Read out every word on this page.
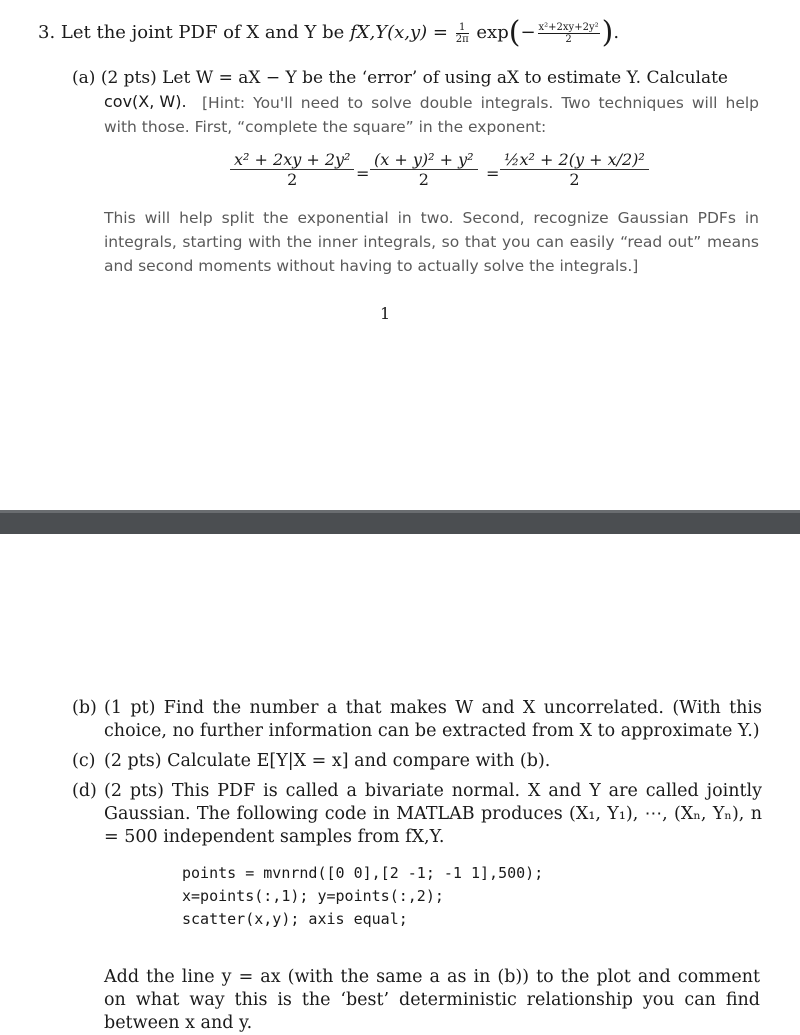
3. Let the joint PDF of X and Y be $fX,Y(x,y) = \frac{1}{2\pi} \exp(- \frac{\text{x²+2xy+2y²}}{2}$ ).
(a) (2 pts) Let W = aX − Y be the ‘error’ of using aX to estimate Y. Calculate
cov(X, W). [Hint: You'll need to solve double integrals. Two techniques will help with those. First, “complete the square” in the exponent:
x² + 2xy + 2y²
2	=
(x + y)² + y²
2	=
½x² + 2(y + x/2)²
2
This will help split the exponential in two. Second, recognize Gaussian PDFs in integrals, starting with the inner integrals, so that you can easily “read out” means and second moments without having to actually solve the integrals.]
1
(b) (1 pt) Find the number a that makes W and X uncorrelated. (With this choice, no further information can be extracted from X to approximate Y.)
(c) (2 pts) Calculate E[Y|X = x] and compare with (b).
(d) (2 pts) This PDF is called a bivariate normal. X and Y are called jointly Gaussian. The following code in MATLAB produces (X₁, Y₁), ⋯, (Xₙ, Yₙ), n = 500 independent samples from fX,Y.
points = mvnrnd([0 0],[2 -1; -1 1],500);
x=points(:,1); y=points(:,2);
scatter(x,y); axis equal;
Add the line y = ax (with the same a as in (b)) to the plot and comment on what way this is the ‘best’ deterministic relationship you can find between x and y.
